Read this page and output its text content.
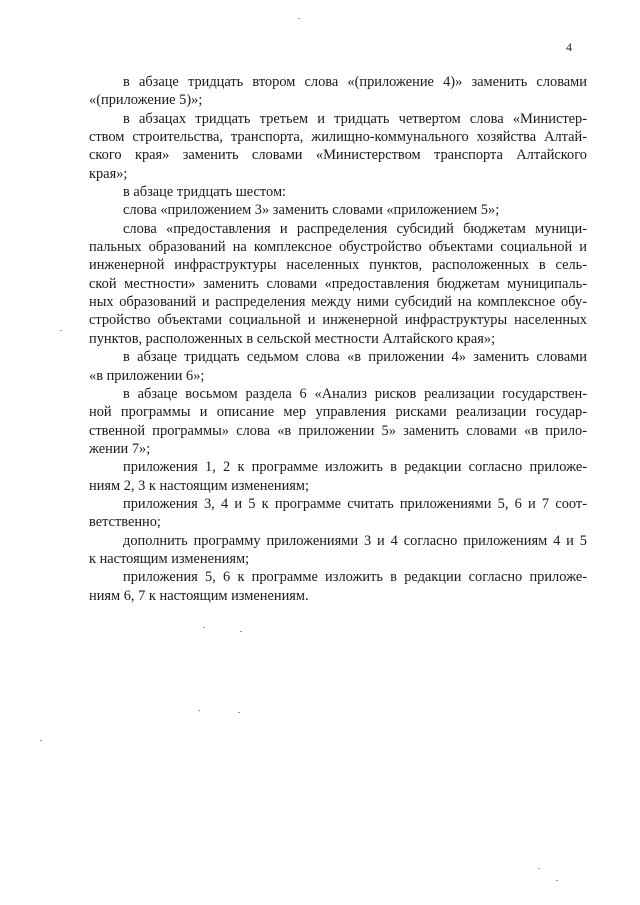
4
в абзаце тридцать втором слова «(приложение 4)» заменить словами
«(приложение 5)»;
в абзацах тридцать третьем и тридцать четвертом слова «Министер-
ством строительства, транспорта, жилищно-коммунального хозяйства Алтай-
ского края» заменить словами «Министерством транспорта Алтайского
края»;
в абзаце тридцать шестом:
слова «приложением 3» заменить словами «приложением 5»;
слова «предоставления и распределения субсидий бюджетам муници-
пальных образований на комплексное обустройство объектами социальной и
инженерной инфраструктуры населенных пунктов, расположенных в сель-
ской местности» заменить словами «предоставления бюджетам муниципаль-
ных образований и распределения между ними субсидий на комплексное обу-
стройство объектами социальной и инженерной инфраструктуры населенных
пунктов, расположенных в сельской местности Алтайского края»;
в абзаце тридцать седьмом слова «в приложении 4» заменить словами
«в приложении 6»;
в абзаце восьмом раздела 6 «Анализ рисков реализации государствен-
ной программы и описание мер управления рисками реализации государ-
ственной программы» слова «в приложении 5» заменить словами «в прило-
жении 7»;
приложения 1, 2 к программе изложить в редакции согласно приложе-
ниям 2, 3 к настоящим изменениям;
приложения 3, 4 и 5 к программе считать приложениями 5, 6 и 7 соот-
ветственно;
дополнить программу приложениями 3 и 4 согласно приложениям 4 и 5
к настоящим изменениям;
приложения 5, 6 к программе изложить в редакции согласно приложе-
ниям 6, 7 к настоящим изменениям.
